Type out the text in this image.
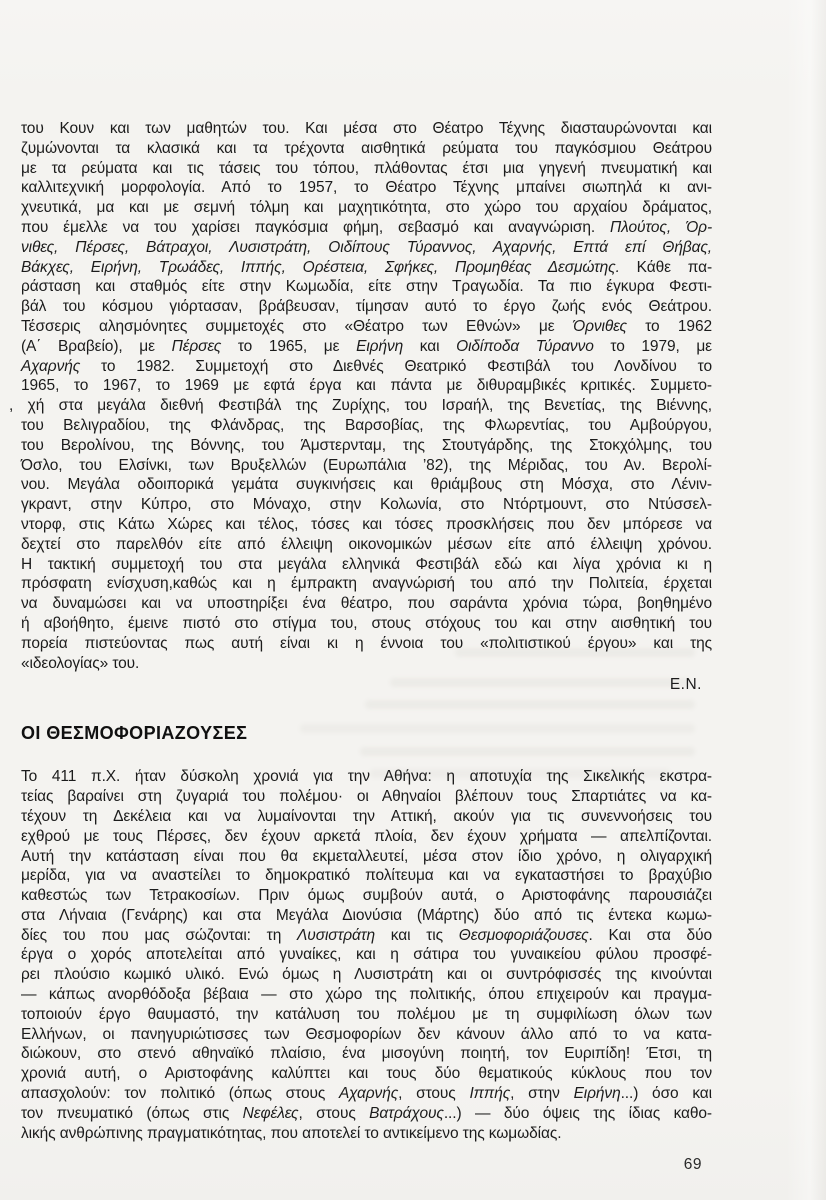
του Κουν και των μαθητών του. Και μέσα στο Θέατρο Τέχνης διασταυρώνονται και
ζυμώνονται τα κλασικά και τα τρέχοντα αισθητικά ρεύματα του παγκόσμιου Θεάτρου
με τα ρεύματα και τις τάσεις του τόπου, πλάθοντας έτσι μια γηγενή πνευματική και
καλλιτεχνική μορφολογία. Από το 1957, το Θέατρο Τέχνης μπαίνει σιωπηλά κι ανι-
χνευτικά, μα και με σεμνή τόλμη και μαχητικότητα, στο χώρο του αρχαίου δράματος,
που έμελλε να του χαρίσει παγκόσμια φήμη, σεβασμό και αναγνώριση. Πλούτος, Όρ-
νιθες, Πέρσες, Βάτραχοι, Λυσιστράτη, Οιδίπους Τύραννος, Αχαρνής, Επτά επί Θήβας,
Βάκχες, Ειρήνη, Τρωάδες, Ιππής, Ορέστεια, Σφήκες, Προμηθέας Δεσμώτης. Κάθε πα-
ράσταση και σταθμός είτε στην Κωμωδία, είτε στην Τραγωδία. Τα πιο έγκυρα Φεστι-
βάλ του κόσμου γιόρτασαν, βράβευσαν, τίμησαν αυτό το έργο ζωής ενός Θεάτρου.
Τέσσερις αλησμόνητες συμμετοχές στο «Θέατρο των Εθνών» με Όρνιθες το 1962
(Α΄ Βραβείο), με Πέρσες το 1965, με Ειρήνη και Οιδίποδα Τύραννο το 1979, με
Αχαρνής το 1982. Συμμετοχή στο Διεθνές Θεατρικό Φεστιβάλ του Λονδίνου το
1965, το 1967, το 1969 με εφτά έργα και πάντα με διθυραμβικές κριτικές. Συμμετο-
, χή στα μεγάλα διεθνή Φεστιβάλ της Ζυρίχης, του Ισραήλ, της Βενετίας, της Βιέννης,
του Βελιγραδίου, της Φλάνδρας, της Βαρσοβίας, της Φλωρεντίας, του Αμβούργου,
του Βερολίνου, της Βόννης, του Άμστερνταμ, της Στουτγάρδης, της Στοκχόλμης, του
Όσλο, του Ελσίνκι, των Βρυξελλών (Ευρωπάλια ’82), της Μέριδας, του Αν. Βερολί-
νου. Μεγάλα οδοιπορικά γεμάτα συγκινήσεις και θριάμβους στη Μόσχα, στο Λένιν-
γκραντ, στην Κύπρο, στο Μόναχο, στην Κολωνία, στο Ντόρτμουντ, στο Ντύσσελ-
ντορφ, στις Κάτω Χώρες και τέλος, τόσες και τόσες προσκλήσεις που δεν μπόρεσε να
δεχτεί στο παρελθόν είτε από έλλειψη οικονομικών μέσων είτε από έλλειψη χρόνου.
Η τακτική συμμετοχή του στα μεγάλα ελληνικά Φεστιβάλ εδώ και λίγα χρόνια κι η
πρόσφατη ενίσχυση,καθώς και η έμπρακτη αναγνώρισή του από την Πολιτεία, έρχεται
να δυναμώσει και να υποστηρίξει ένα θέατρο, που σαράντα χρόνια τώρα, βοηθημένο
ή αβοήθητο, έμεινε πιστό στο στίγμα του, στους στόχους του και στην αισθητική του
πορεία πιστεύοντας πως αυτή είναι κι η έννοια του «πολιτιστικού έργου» και της
«ιδεολογίας» του.
Ε.Ν.
ΟΙ ΘΕΣΜΟΦΟΡΙΑΖΟΥΣΕΣ
Το 411 π.Χ. ήταν δύσκολη χρονιά για την Αθήνα: η αποτυχία της Σικελικής εκστρα-
τείας βαραίνει στη ζυγαριά του πολέμου· οι Αθηναίοι βλέπουν τους Σπαρτιάτες να κα-
τέχουν τη Δεκέλεια και να λυμαίνονται την Αττική, ακούν για τις συνεννοήσεις του
εχθρού με τους Πέρσες, δεν έχουν αρκετά πλοία, δεν έχουν χρήματα — απελπίζονται.
Αυτή την κατάσταση είναι που θα εκμεταλλευτεί, μέσα στον ίδιο χρόνο, η ολιγαρχική
μερίδα, για να αναστείλει το δημοκρατικό πολίτευμα και να εγκαταστήσει το βραχύβιο
καθεστώς των Τετρακοσίων. Πριν όμως συμβούν αυτά, ο Αριστοφάνης παρουσιάζει
στα Λήναια (Γενάρης) και στα Μεγάλα Διονύσια (Μάρτης) δύο από τις έντεκα κωμω-
δίες του που μας σώζονται: τη Λυσιστράτη και τις Θεσμοφοριάζουσες. Και στα δύο
έργα ο χορός αποτελείται από γυναίκες, και η σάτιρα του γυναικείου φύλου προσφέ-
ρει πλούσιο κωμικό υλικό. Ενώ όμως η Λυσιστράτη και οι συντρόφισσές της κινούνται
— κάπως ανορθόδοξα βέβαια — στο χώρο της πολιτικής, όπου επιχειρούν και πραγμα-
τοποιούν έργο θαυμαστό, την κατάλυση του πολέμου με τη συμφιλίωση όλων των
Ελλήνων, οι πανηγυριώτισσες των Θεσμοφορίων δεν κάνουν άλλο από το να κατα-
διώκουν, στο στενό αθηναϊκό πλαίσιο, ένα μισογύνη ποιητή, τον Ευριπίδη! Έτσι, τη
χρονιά αυτή, ο Αριστοφάνης καλύπτει και τους δύο θεματικούς κύκλους που τον
απασχολούν: τον πολιτικό (όπως στους Αχαρνής, στους Ιππής, στην Ειρήνη...) όσο και
τον πνευματικό (όπως στις Νεφέλες, στους Βατράχους...) — δύο όψεις της ίδιας καθο-
λικής ανθρώπινης πραγματικότητας, που αποτελεί το αντικείμενο της κωμωδίας.
69
